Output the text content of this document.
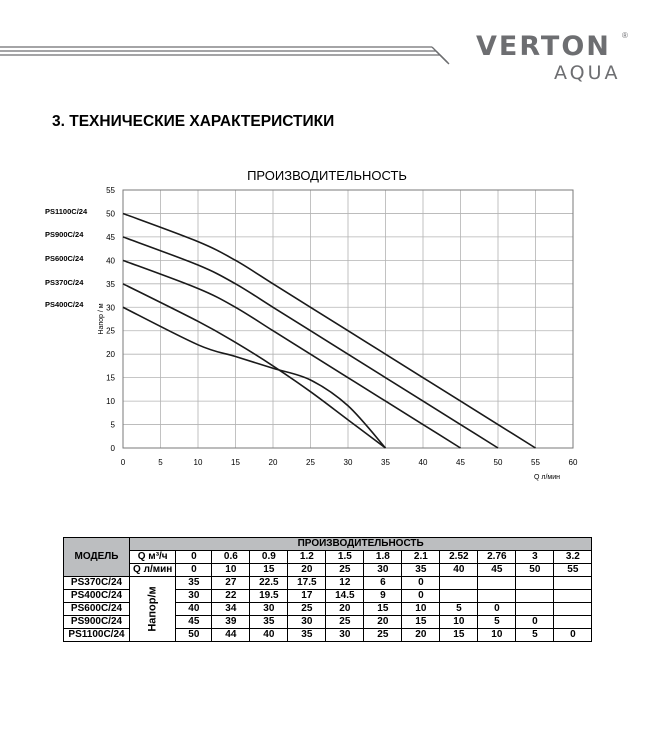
VERTON
AQUA
®
3. ТЕХНИЧЕСКИЕ ХАРАКТЕРИСТИКИ
0	5	10	15	20	25	30	35	40	45	50	55	60
0
5
10
15
20
25
30
35
40
45
50
55
ПРОИЗВОДИТЕЛЬНОСТЬ
Q л/мин
Напор / м
PS1100C/24
PS900C/24
PS600C/24
PS370C/24
PS400C/24
МОДЕЛЬ	ПРОИЗВОДИТЕЛЬНОСТЬ											
	Q м³/ч	0	0.6	0.9	1.2	1.5	1.8	2.1	2.52	2.76	3	3.2
	Q л/мин	0	10	15	20	25	30	35	40	45	50	55
PS370C/24	Напор/м	35	27	22.5	17.5	12	6	0				
PS400C/24		30	22	19.5	17	14.5	9	0				
PS600C/24		40	34	30	25	20	15	10	5	0		
PS900C/24		45	39	35	30	25	20	15	10	5	0	
PS1100C/24		50	44	40	35	30	25	20	15	10	5	0
